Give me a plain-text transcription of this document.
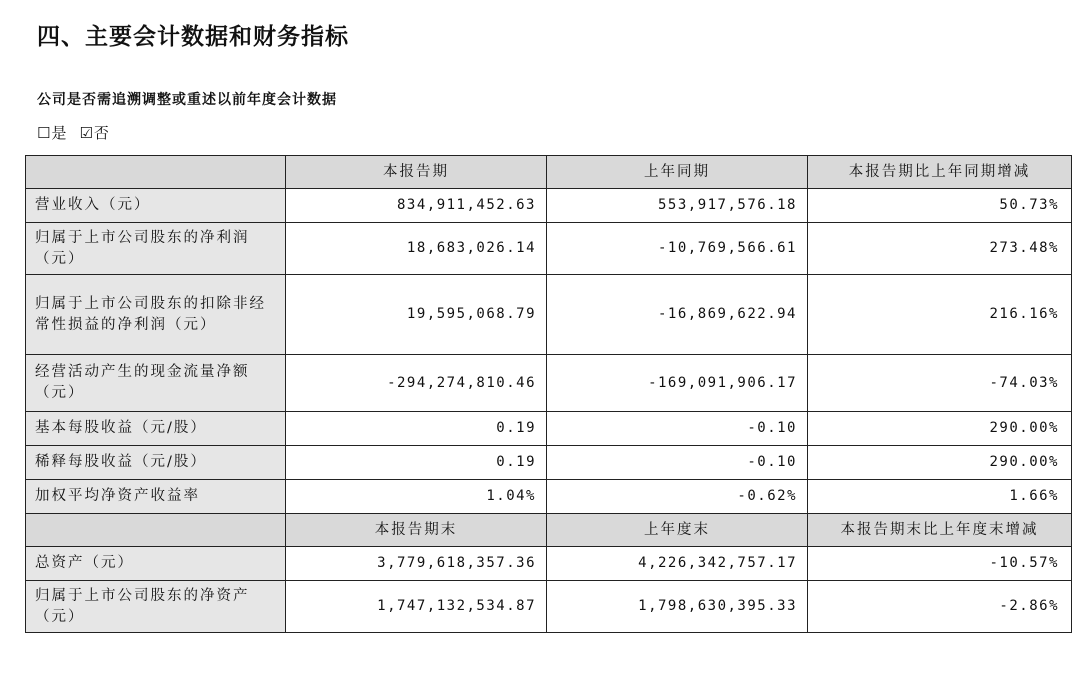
四、主要会计数据和财务指标
公司是否需追溯调整或重述以前年度会计数据
☐是 ☑否
	本报告期	上年同期	本报告期比上年同期增减
营业收入（元）	834,911,452.63	553,917,576.18	50.73%
归属于上市公司股东的净利润（元）	18,683,026.14	-10,769,566.61	273.48%
归属于上市公司股东的扣除非经常性损益的净利润（元）	19,595,068.79	-16,869,622.94	216.16%
经营活动产生的现金流量净额（元）	-294,274,810.46	-169,091,906.17	-74.03%
基本每股收益（元/股）	0.19	-0.10	290.00%
稀释每股收益（元/股）	0.19	-0.10	290.00%
加权平均净资产收益率	1.04%	-0.62%	1.66%
	本报告期末	上年度末	本报告期末比上年度末增减
总资产（元）	3,779,618,357.36	4,226,342,757.17	-10.57%
归属于上市公司股东的净资产（元）	1,747,132,534.87	1,798,630,395.33	-2.86%
